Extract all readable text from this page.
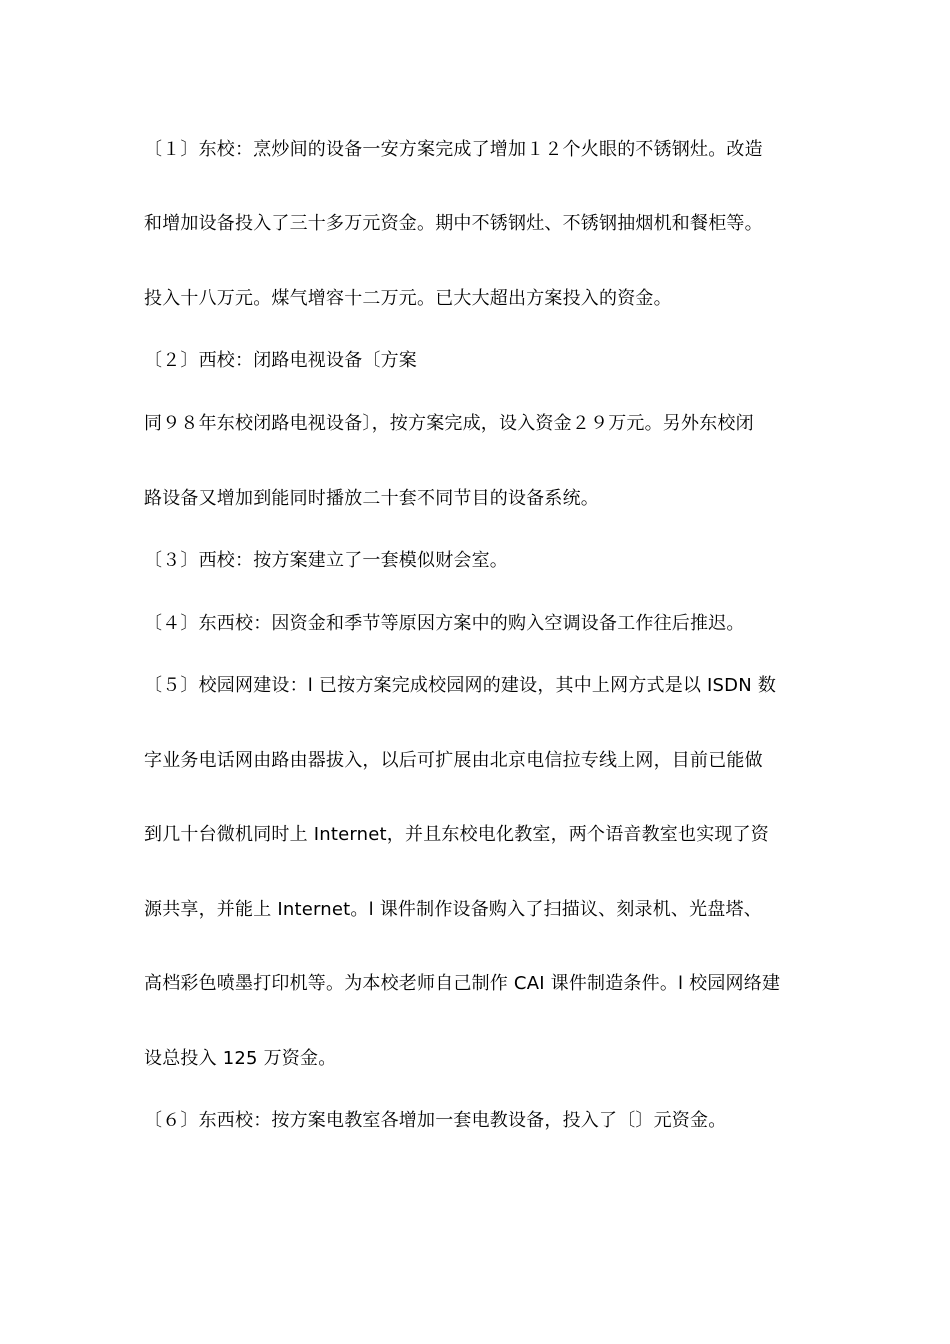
〔１〕东校：烹炒间的设备一安方案完成了增加１２个火眼的不锈钢灶。改造
和增加设备投入了三十多万元资金。期中不锈钢灶、不锈钢抽烟机和餐柜等。
投入十八万元。煤气增容十二万元。已大大超出方案投入的资金。
〔２〕西校：闭路电视设备〔方案
同９８年东校闭路电视设备〕，按方案完成，设入资金２９万元。另外东校闭
路设备又增加到能同时播放二十套不同节目的设备系统。
〔３〕西校：按方案建立了一套模似财会室。
〔４〕东西校：因资金和季节等原因方案中的购入空调设备工作往后推迟。
〔５〕校园网建设：l 已按方案完成校园网的建设，其中上网方式是以 ISDN 数
字业务电话网由路由器拔入，以后可扩展由北京电信拉专线上网，目前已能做
到几十台微机同时上 Internet，并且东校电化教室，两个语音教室也实现了资
源共享，并能上 Internet。l 课件制作设备购入了扫描议、刻录机、光盘塔、
高档彩色喷墨打印机等。为本校老师自己制作 CAI 课件制造条件。l 校园网络建
设总投入 125 万资金。
〔６〕东西校：按方案电教室各增加一套电教设备，投入了〔〕元资金。
